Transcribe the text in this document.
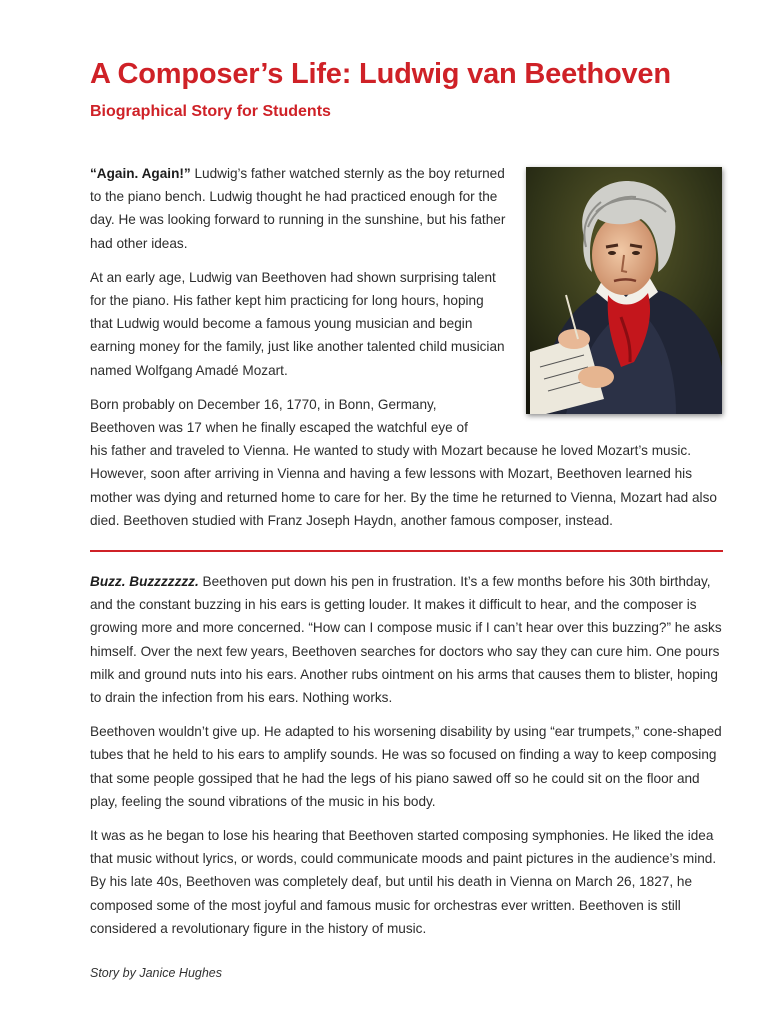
A Composer’s Life: Ludwig van Beethoven
Biographical Story for Students

“Again. Again!” Ludwig’s father watched sternly as the boy returned to the piano bench. Ludwig thought he had practiced enough for the day. He was looking forward to running in the sunshine, but his father had other ideas.

At an early age, Ludwig van Beethoven had shown surprising talent for the piano. His father kept him practicing for long hours, hoping that Ludwig would become a famous young musician and begin earning money for the family, just like another talented child musician named Wolfgang Amadé Mozart.

Born probably on December 16, 1770, in Bonn, Germany,
Beethoven was 17 when he finally escaped the watchful eye of
his father and traveled to Vienna. He wanted to study with Mozart because he loved Mozart’s music. However, soon after arriving in Vienna and having a few lessons with Mozart, Beethoven learned his mother was dying and returned home to care for her. By the time he returned to Vienna, Mozart had also died. Beethoven studied with Franz Joseph Haydn, another famous composer, instead.

Buzz. Buzzzzzzz. Beethoven put down his pen in frustration. It’s a few months before his 30th birthday, and the constant buzzing in his ears is getting louder. It makes it difficult to hear, and the composer is growing more and more concerned. “How can I compose music if I can’t hear over this buzzing?” he asks himself. Over the next few years, Beethoven searches for doctors who say they can cure him. One pours milk and ground nuts into his ears. Another rubs ointment on his arms that causes them to blister, hoping to drain the infection from his ears. Nothing works.

Beethoven wouldn’t give up. He adapted to his worsening disability by using “ear trumpets,” cone-shaped tubes that he held to his ears to amplify sounds. He was so focused on finding a way to keep composing that some people gossiped that he had the legs of his piano sawed off so he could sit on the floor and play, feeling the sound vibrations of the music in his body.

It was as he began to lose his hearing that Beethoven started composing symphonies. He liked the idea that music without lyrics, or words, could communicate moods and paint pictures in the audience’s mind. By his late 40s, Beethoven was completely deaf, but until his death in Vienna on March 26, 1827, he composed some of the most joyful and famous music for orchestras ever written. Beethoven is still considered a revolutionary figure in the history of music.

Story by Janice Hughes
